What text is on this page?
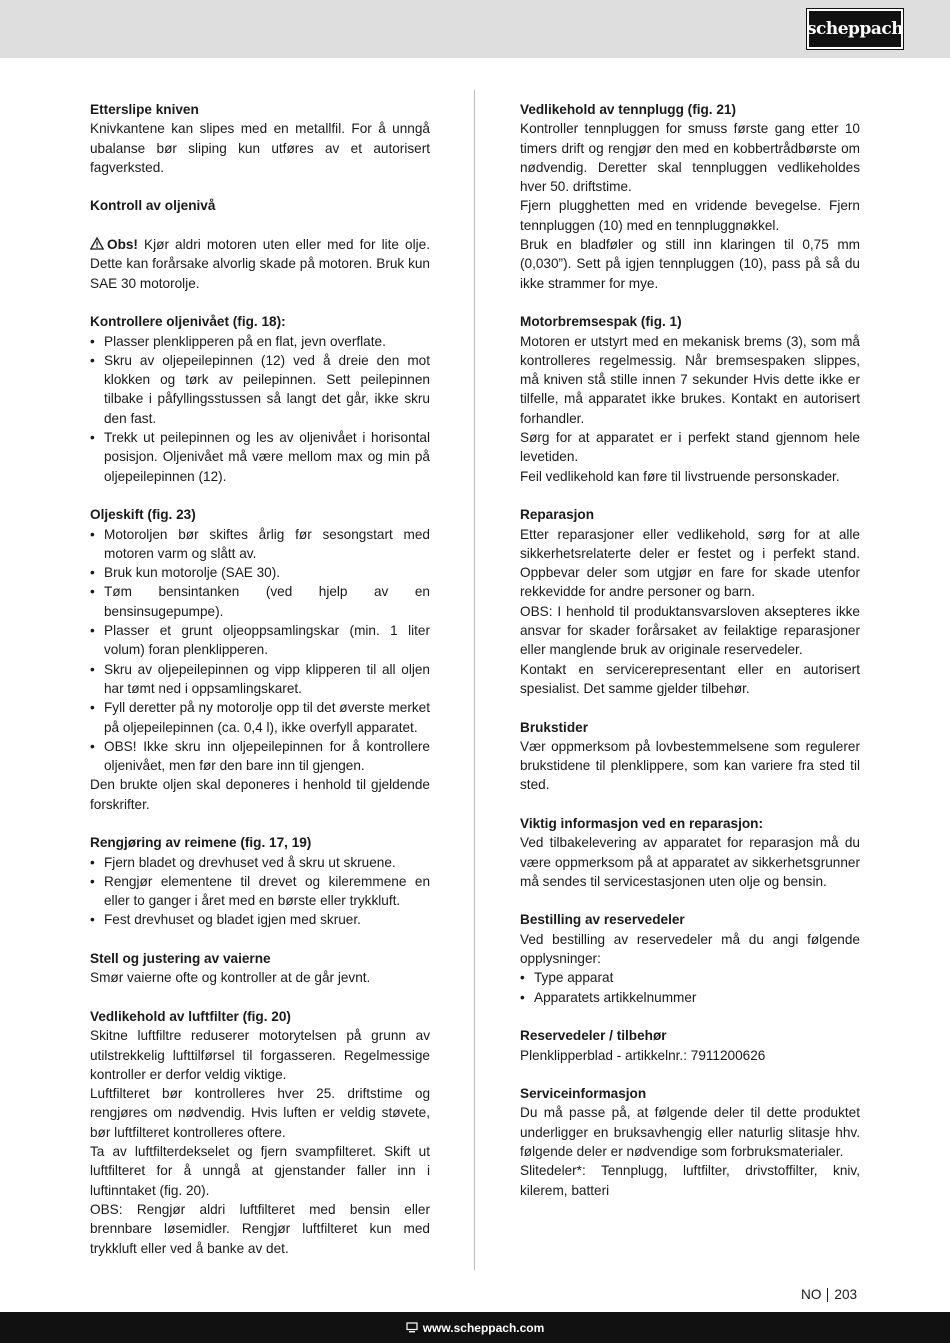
scheppach

Etterslipe kniven

Knivkantene kan slipes med en metallfil. For å unngå ubalanse bør sliping kun utføres av et autorisert fagverksted.

Kontroll av oljenivå

Obs! Kjør aldri motoren uten eller med for lite olje. Dette kan forårsake alvorlig skade på motoren. Bruk kun SAE 30 motorolje.

Kontrollere oljenivået (fig. 18):

• Plasser plenklipperen på en flat, jevn overflate.
• Skru av oljepeilepinnen (12) ved å dreie den mot klokken og tørk av peilepinnen. Sett peilepinnen tilbake i påfyllingsstussen så langt det går, ikke skru den fast.
• Trekk ut peilepinnen og les av oljenivået i horisontal posisjon. Oljenivået må være mellom max og min på oljepeilepinnen (12).

Oljeskift (fig. 23)

• Motoroljen bør skiftes årlig før sesongstart med motoren varm og slått av.
• Bruk kun motorolje (SAE 30).
• Tøm bensintanken (ved hjelp av en bensinsugepumpe).
• Plasser et grunt oljeoppsamlingskar (min. 1 liter volum) foran plenklipperen.
• Skru av oljepeilepinnen og vipp klipperen til all oljen har tømt ned i oppsamlingskaret.
• Fyll deretter på ny motorolje opp til det øverste merket på oljepeilepinnen (ca. 0,4 l), ikke overfyll apparatet.
• OBS! Ikke skru inn oljepeilepinnen for å kontrollere oljenivået, men før den bare inn til gjengen.

Den brukte oljen skal deponeres i henhold til gjeldende forskrifter.

Rengjøring av reimene (fig. 17, 19)

• Fjern bladet og drevhuset ved å skru ut skruene.
• Rengjør elementene til drevet og kileremmene en eller to ganger i året med en børste eller trykkluft.
• Fest drevhuset og bladet igjen med skruer.

Stell og justering av vaierne

Smør vaierne ofte og kontroller at de går jevnt.

Vedlikehold av luftfilter (fig. 20)

Skitne luftfiltre reduserer motorytelsen på grunn av utilstrekkelig lufttilførsel til forgasseren. Regelmessige kontroller er derfor veldig viktige.

Luftfilteret bør kontrolleres hver 25. driftstime og rengjøres om nødvendig. Hvis luften er veldig støvete, bør luftfilteret kontrolleres oftere.

Ta av luftfilterdekselet og fjern svampfilteret. Skift ut luftfilteret for å unngå at gjenstander faller inn i luftinntaket (fig. 20).

OBS: Rengjør aldri luftfilteret med bensin eller brennbare løsemidler. Rengjør luftfilteret kun med trykkluft eller ved å banke av det.

Vedlikehold av tennplugg (fig. 21)

Kontroller tennpluggen for smuss første gang etter 10 timers drift og rengjør den med en kobbertrådbørste om nødvendig. Deretter skal tennpluggen vedlikeholdes hver 50. driftstime.

Fjern plugghetten med en vridende bevegelse. Fjern tennpluggen (10) med en tennpluggnøkkel.

Bruk en bladføler og still inn klaringen til 0,75 mm (0,030”). Sett på igjen tennpluggen (10), pass på så du ikke strammer for mye.

Motorbremsespak (fig. 1)

Motoren er utstyrt med en mekanisk brems (3), som må kontrolleres regelmessig. Når bremsespaken slippes, må kniven stå stille innen 7 sekunder Hvis dette ikke er tilfelle, må apparatet ikke brukes. Kontakt en autorisert forhandler.

Sørg for at apparatet er i perfekt stand gjennom hele levetiden.

Feil vedlikehold kan føre til livstruende personskader.

Reparasjon

Etter reparasjoner eller vedlikehold, sørg for at alle sikkerhetsrelaterte deler er festet og i perfekt stand. Oppbevar deler som utgjør en fare for skade utenfor rekkevidde for andre personer og barn.

OBS: I henhold til produktansvarsloven aksepteres ikke ansvar for skader forårsaket av feilaktige reparasjoner eller manglende bruk av originale reservedeler.

Kontakt en servicerepresentant eller en autorisert spesialist. Det samme gjelder tilbehør.

Brukstider

Vær oppmerksom på lovbestemmelsene som regulerer brukstidene til plenklippere, som kan variere fra sted til sted.

Viktig informasjon ved en reparasjon:

Ved tilbakelevering av apparatet for reparasjon må du være oppmerksom på at apparatet av sikkerhetsgrunner må sendes til servicestasjonen uten olje og bensin.

Bestilling av reservedeler

Ved bestilling av reservedeler må du angi følgende opplysninger:

• Type apparat
• Apparatets artikkelnummer

Reservedeler / tilbehør

Plenklipperblad - artikkelnr.: 7911200626

Serviceinformasjon

Du må passe på, at følgende deler til dette produktet underligger en bruksavhengig eller naturlig slitasje hhv. følgende deler er nødvendige som forbruksmaterialer.

Slitedeler*: Tennplugg, luftfilter, drivstoffilter, kniv, kilerem, batteri

NO 203
www.scheppach.com
